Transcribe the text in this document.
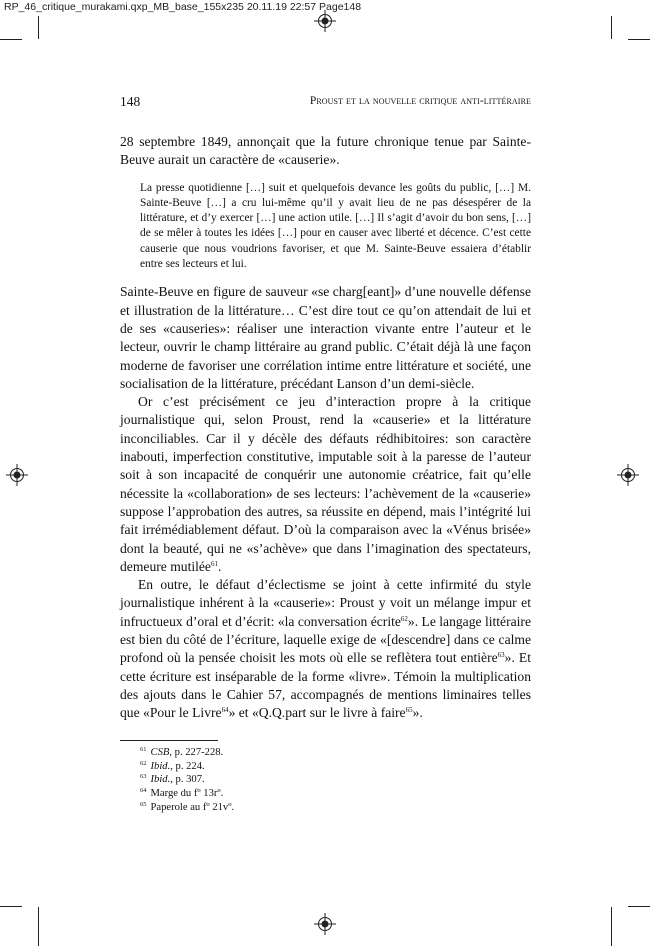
RP_46_critique_murakami.qxp_MB_base_155x235 20.11.19 22:57 Page148
148	Proust et la nouvelle critique anti-littéraire

28 septembre 1849, annonçait que la future chronique tenue par Sainte-Beuve aurait un caractère de «causerie».

La presse quotidienne […] suit et quelquefois devance les goûts du public, […] M. Sainte-Beuve […] a cru lui-même qu’il y avait lieu de ne pas désespérer de la littérature, et d’y exercer […] une action utile. […] Il s’agit d’avoir du bon sens, […] de se mêler à toutes les idées […] pour en causer avec liberté et décence. C’est cette causerie que nous voudrions favoriser, et que M. Sainte-Beuve essaiera d’établir entre ses lecteurs et lui.

Sainte-Beuve en figure de sauveur «se charg[eant]» d’une nouvelle défense et illustration de la littérature… C’est dire tout ce qu’on attendait de lui et de ses «causeries»: réaliser une interaction vivante entre l’auteur et le lecteur, ouvrir le champ littéraire au grand public. C’était déjà là une façon moderne de favoriser une corrélation intime entre littérature et société, une socialisation de la littérature, précédant Lanson d’un demi-siècle.

Or c’est précisément ce jeu d’interaction propre à la critique journalistique qui, selon Proust, rend la «causerie» et la littérature inconciliables. Car il y décèle des défauts rédhibitoires: son caractère inabouti, imperfection constitutive, imputable soit à la paresse de l’auteur soit à son incapacité de conquérir une autonomie créatrice, fait qu’elle nécessite la «collaboration» de ses lecteurs: l’achèvement de la «causerie» suppose l’approbation des autres, sa réussite en dépend, mais l’intégrité lui fait irrémédiablement défaut. D’où la comparaison avec la «Vénus brisée» dont la beauté, qui ne «s’achève» que dans l’imagination des spectateurs, demeure mutilée$^{61}$.

En outre, le défaut d’éclectisme se joint à cette infirmité du style journalistique inhérent à la «causerie»: Proust y voit un mélange impur et infructueux d’oral et d’écrit: «la conversation écrite$^{62}$». Le langage littéraire est bien du côté de l’écriture, laquelle exige de «[descendre] dans ce calme profond où la pensée choisit les mots où elle se reflètera tout entière$^{63}$». Et cette écriture est inséparable de la forme «livre». Témoin la multiplication des ajouts dans le Cahier 57, accompagnés de mentions liminaires telles que «Pour le Livre$^{64}$» et «Q.Q.part sur le livre à faire$^{65}$».

$^{61}$ CSB, p. 227-228.
$^{62}$ Ibid., p. 224.
$^{63}$ Ibid., p. 307.
$^{64}$ Marge du fº 13rº.
$^{65}$ Paperole au fº 21vº.
